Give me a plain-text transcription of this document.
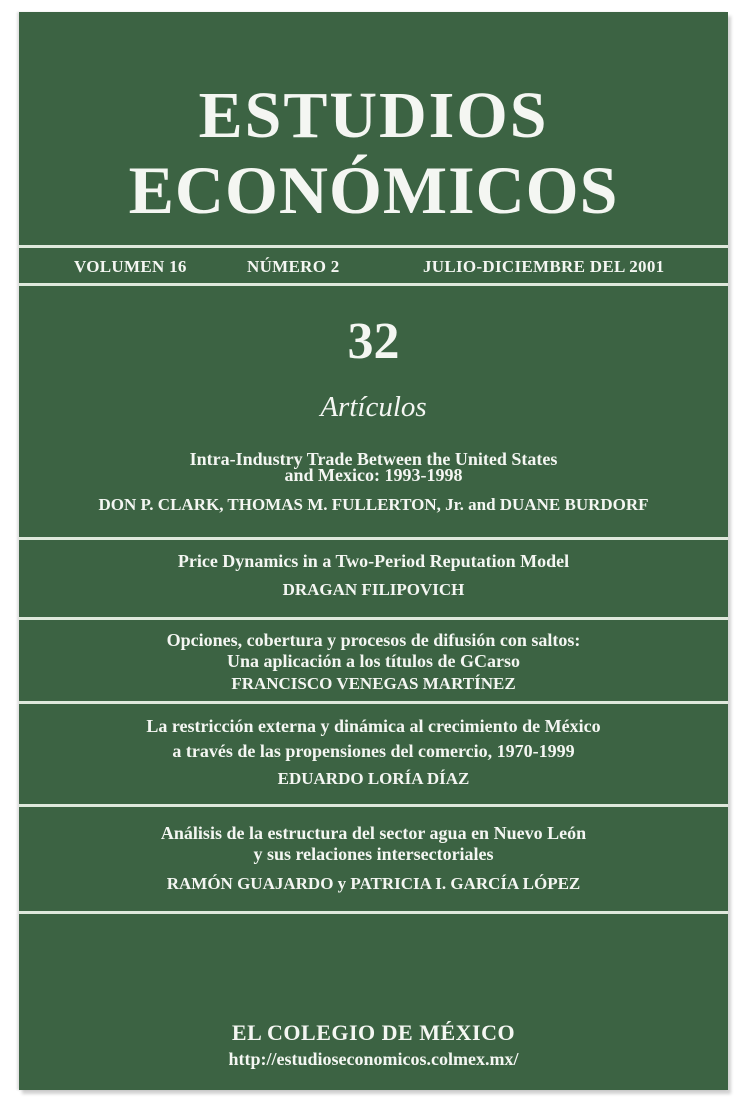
ESTUDIOS
ECONÓMICOS
VOLUMEN 16	NÚMERO 2	JULIO-DICIEMBRE DEL 2001
32
Artículos
Intra-Industry Trade Between the United States
and Mexico: 1993-1998
DON P. CLARK, THOMAS M. FULLERTON, Jr. and DUANE BURDORF
Price Dynamics in a Two-Period Reputation Model
DRAGAN FILIPOVICH
Opciones, cobertura y procesos de difusión con saltos:
Una aplicación a los títulos de GCarso
FRANCISCO VENEGAS MARTÍNEZ
La restricción externa y dinámica al crecimiento de México
a través de las propensiones del comercio, 1970-1999
EDUARDO LORÍA DÍAZ
Análisis de la estructura del sector agua en Nuevo León
y sus relaciones intersectoriales
RAMÓN GUAJARDO y PATRICIA I. GARCÍA LÓPEZ
EL COLEGIO DE MÉXICO
http://estudioseconomicos.colmex.mx/
